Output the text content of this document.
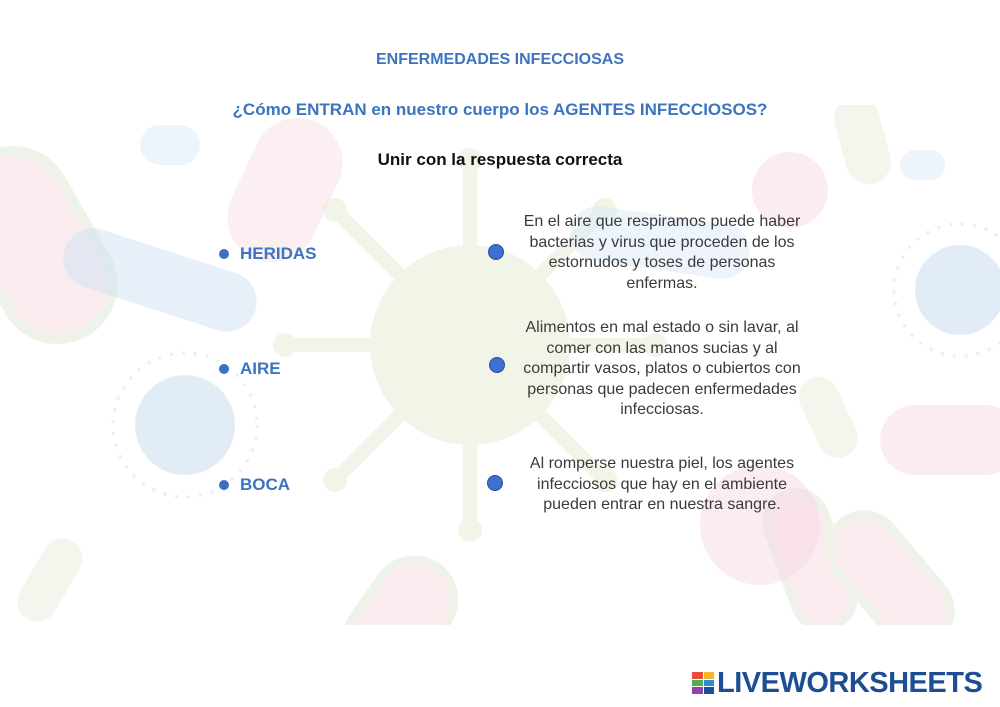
ENFERMEDADES INFECCIOSAS
¿Cómo ENTRAN en nuestro cuerpo los AGENTES INFECCIOSOS?
Unir con la respuesta correcta
HERIDAS
AIRE
BOCA
En el aire que respiramos puede haber bacterias y virus que proceden de los estornudos y toses de personas enfermas.
Alimentos en mal estado o sin lavar, al comer con las manos sucias y al compartir vasos, platos o cubiertos con personas que padecen enfermedades infecciosas.
Al romperse nuestra piel, los agentes infecciosos que hay en el ambiente pueden entrar en nuestra sangre.
LIVEWORKSHEETS
